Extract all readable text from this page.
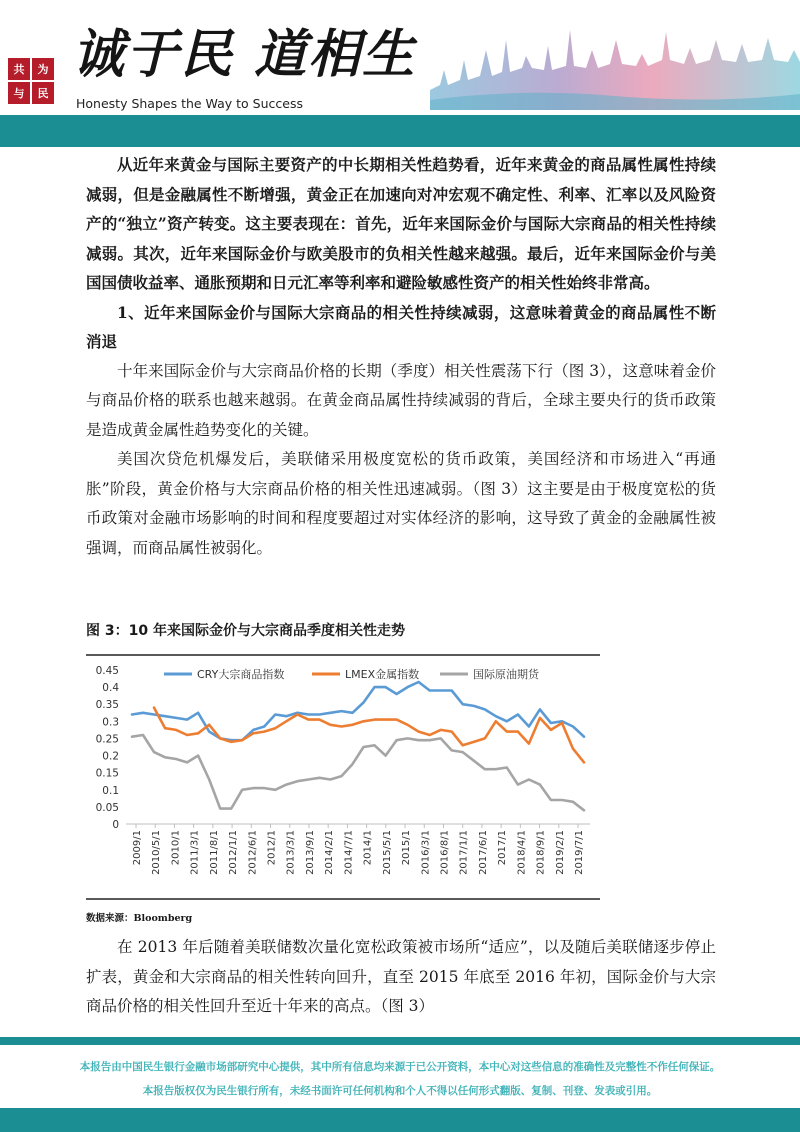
共 为
与 民
诚于民 道相生
Honesty Shapes the Way to Success

从近年来黄金与国际主要资产的中长期相关性趋势看，近年来黄金的商品属性属性持续减弱，但是金融属性不断增强，黄金正在加速向对冲宏观不确定性、利率、汇率以及风险资产的“独立”资产转变。这主要表现在：首先，近年来国际金价与国际大宗商品的相关性持续减弱。其次，近年来国际金价与欧美股市的负相关性越来越强。最后，近年来国际金价与美国国债收益率、通胀预期和日元汇率等利率和避险敏感性资产的相关性始终非常高。

1、近年来国际金价与国际大宗商品的相关性持续减弱，这意味着黄金的商品属性不断消退

十年来国际金价与大宗商品价格的长期（季度）相关性震荡下行（图 3），这意味着金价与商品价格的联系也越来越弱。在黄金商品属性持续减弱的背后，全球主要央行的货币政策是造成黄金属性趋势变化的关键。

美国次贷危机爆发后，美联储采用极度宽松的货币政策，美国经济和市场进入“再通胀”阶段，黄金价格与大宗商品价格的相关性迅速减弱。（图 3）这主要是由于极度宽松的货币政策对金融市场影响的时间和程度要超过对实体经济的影响，这导致了黄金的金融属性被强调，而商品属性被弱化。

图 3：10 年来国际金价与大宗商品季度相关性走势
0
0.05
0.1
0.15
0.2
0.25
0.3
0.35
0.4
0.45
2009/1 2010/5/1 2010/1 2011/3/1 2011/8/1 2012/1/1 2012/6/1 2012/1 2013/3/1 2013/9/1 2014/2/1 2014/7/1 2014/1 2015/5/1 2015/1 2016/3/1 2016/8/1 2017/1/1 2017/6/1 2017/1 2018/4/1 2018/9/1 2019/2/1 2019/7/1
CRY大宗商品指数	LMEX金属指数	国际原油期货
数据来源：Bloomberg

在 2013 年后随着美联储数次量化宽松政策被市场所“适应”，以及随后美联储逐步停止扩表，黄金和大宗商品的相关性转向回升，直至 2015 年底至 2016 年初，国际金价与大宗商品价格的相关性回升至近十年来的高点。（图 3）

本报告由中国民生银行金融市场部研究中心提供，其中所有信息均来源于已公开资料，本中心对这些信息的准确性及完整性不作任何保证。
本报告版权仅为民生银行所有，未经书面许可任何机构和个人不得以任何形式翻版、复制、刊登、发表或引用。
